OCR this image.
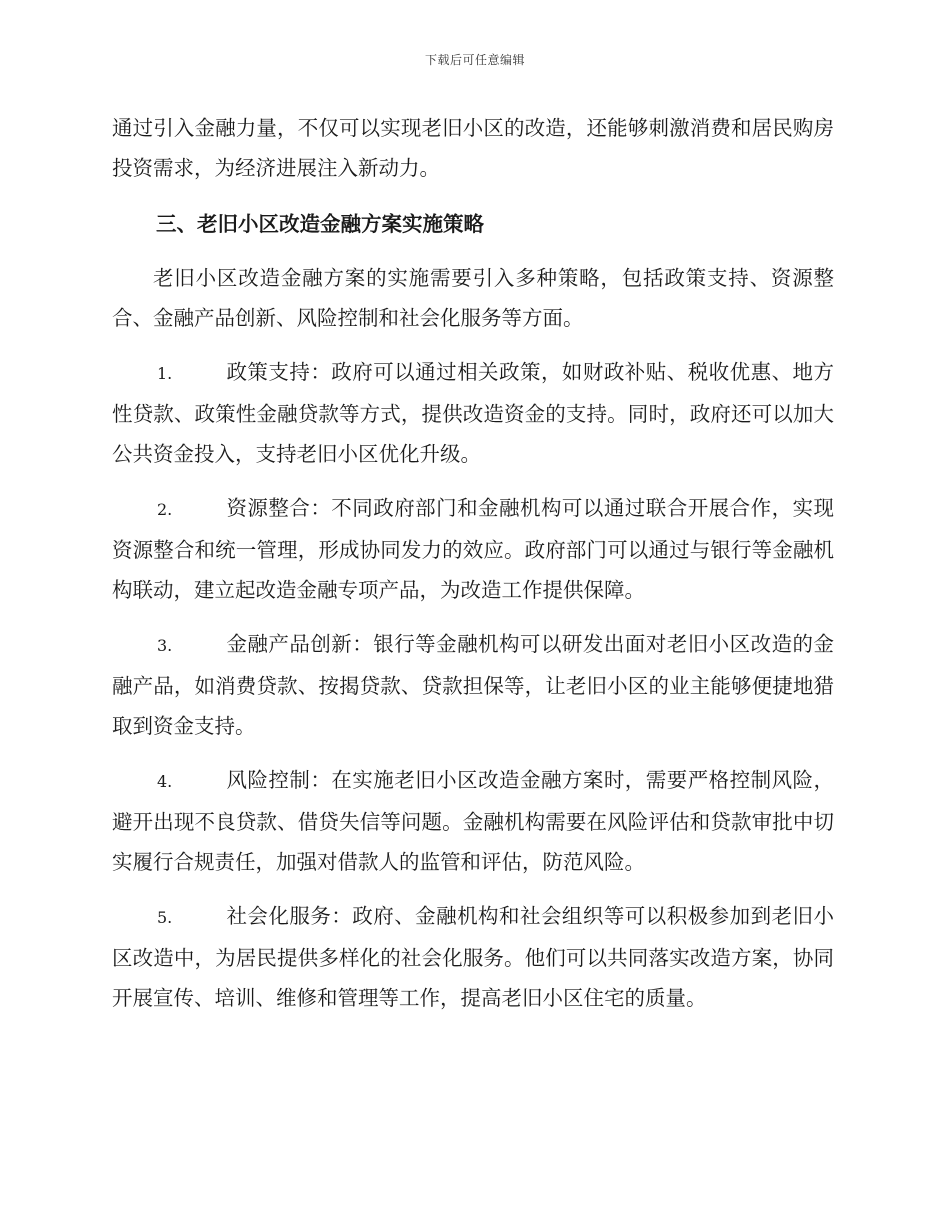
下载后可任意编辑

通过引入金融力量，不仅可以实现老旧小区的改造，还能够刺激消费和居民购房投资需求，为经济进展注入新动力。

三、老旧小区改造金融方案实施策略

老旧小区改造金融方案的实施需要引入多种策略，包括政策支持、资源整合、金融产品创新、风险控制和社会化服务等方面。

1.	政策支持：政府可以通过相关政策，如财政补贴、税收优惠、地方性贷款、政策性金融贷款等方式，提供改造资金的支持。同时，政府还可以加大公共资金投入，支持老旧小区优化升级。

2.	资源整合：不同政府部门和金融机构可以通过联合开展合作，实现资源整合和统一管理，形成协同发力的效应。政府部门可以通过与银行等金融机构联动，建立起改造金融专项产品，为改造工作提供保障。

3.	金融产品创新：银行等金融机构可以研发出面对老旧小区改造的金融产品，如消费贷款、按揭贷款、贷款担保等，让老旧小区的业主能够便捷地猎取到资金支持。

4.	风险控制：在实施老旧小区改造金融方案时，需要严格控制风险，避开出现不良贷款、借贷失信等问题。金融机构需要在风险评估和贷款审批中切实履行合规责任，加强对借款人的监管和评估，防范风险。

5.	社会化服务：政府、金融机构和社会组织等可以积极参加到老旧小区改造中，为居民提供多样化的社会化服务。他们可以共同落实改造方案，协同开展宣传、培训、维修和管理等工作，提高老旧小区住宅的质量。
